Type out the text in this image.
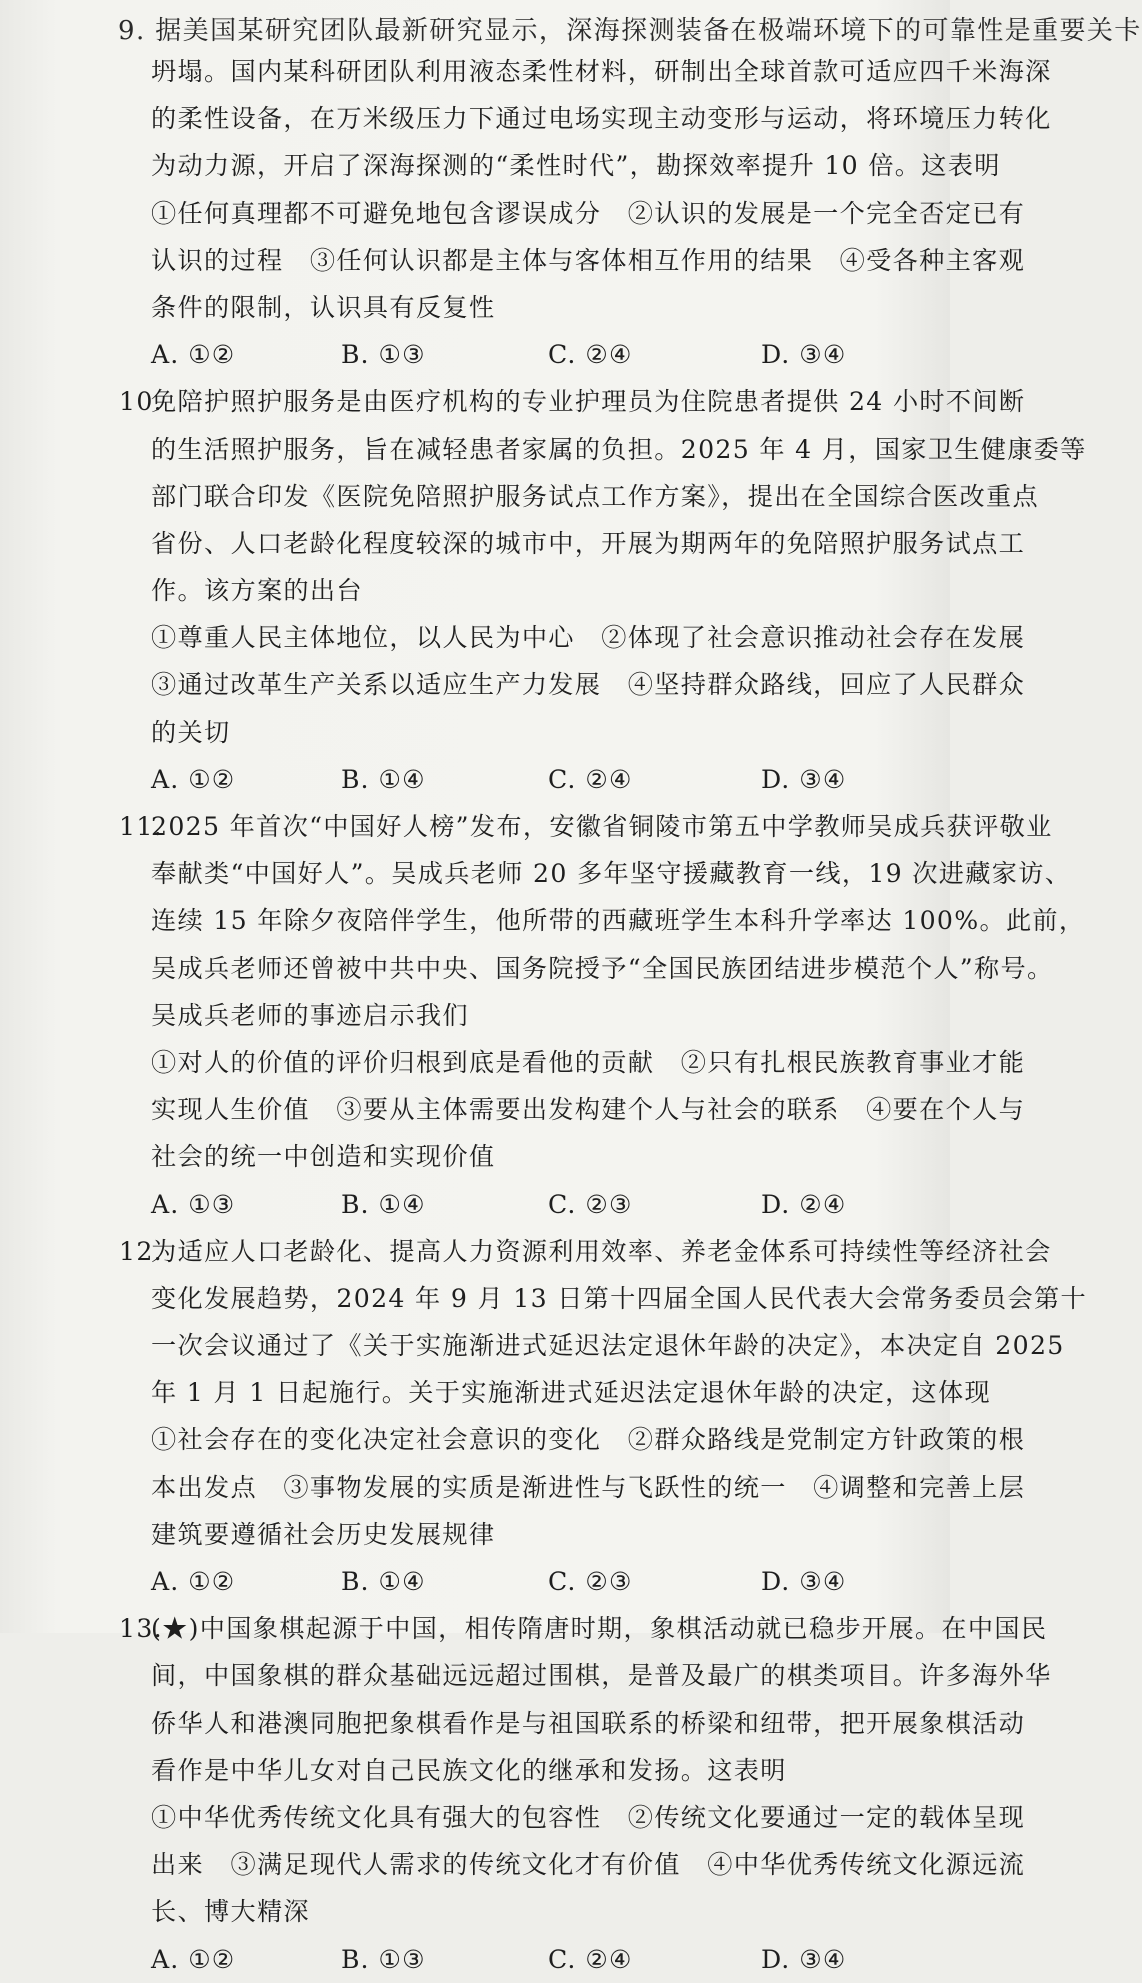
9. 据美国某研究团队最新研究显示，深海探测装备在极端环境下的可靠性是重要关卡
坍塌。国内某科研团队利用液态柔性材料，研制出全球首款可适应四千米海深
的柔性设备，在万米级压力下通过电场实现主动变形与运动，将环境压力转化
为动力源，开启了深海探测的“柔性时代”，勘探效率提升 10 倍。这表明
①任何真理都不可避免地包含谬误成分　②认识的发展是一个完全否定已有
认识的过程　③任何认识都是主体与客体相互作用的结果　④受各种主客观
条件的限制，认识具有反复性
A. ①②	B. ①③	C. ②④	D. ③④
10.
免陪护照护服务是由医疗机构的专业护理员为住院患者提供 24 小时不间断
的生活照护服务，旨在减轻患者家属的负担。2025 年 4 月，国家卫生健康委等
部门联合印发《医院免陪照护服务试点工作方案》，提出在全国综合医改重点
省份、人口老龄化程度较深的城市中，开展为期两年的免陪照护服务试点工
作。该方案的出台
①尊重人民主体地位，以人民为中心　②体现了社会意识推动社会存在发展
③通过改革生产关系以适应生产力发展　④坚持群众路线，回应了人民群众
的关切
A. ①②	B. ①④	C. ②④	D. ③④
11.
2025 年首次“中国好人榜”发布，安徽省铜陵市第五中学教师吴成兵获评敬业
奉献类“中国好人”。吴成兵老师 20 多年坚守援藏教育一线，19 次进藏家访、
连续 15 年除夕夜陪伴学生，他所带的西藏班学生本科升学率达 100%。此前，
吴成兵老师还曾被中共中央、国务院授予“全国民族团结进步模范个人”称号。
吴成兵老师的事迹启示我们
①对人的价值的评价归根到底是看他的贡献　②只有扎根民族教育事业才能
实现人生价值　③要从主体需要出发构建个人与社会的联系　④要在个人与
社会的统一中创造和实现价值
A. ①③	B. ①④	C. ②③	D. ②④
12.
为适应人口老龄化、提高人力资源利用效率、养老金体系可持续性等经济社会
变化发展趋势，2024 年 9 月 13 日第十四届全国人民代表大会常务委员会第十
一次会议通过了《关于实施渐进式延迟法定退休年龄的决定》，本决定自 2025
年 1 月 1 日起施行。关于实施渐进式延迟法定退休年龄的决定，这体现
①社会存在的变化决定社会意识的变化　②群众路线是党制定方针政策的根
本出发点　③事物发展的实质是渐进性与飞跃性的统一　④调整和完善上层
建筑要遵循社会历史发展规律
A. ①②	B. ①④	C. ②③	D. ③④
13.
(★)中国象棋起源于中国，相传隋唐时期，象棋活动就已稳步开展。在中国民
间，中国象棋的群众基础远远超过围棋，是普及最广的棋类项目。许多海外华
侨华人和港澳同胞把象棋看作是与祖国联系的桥梁和纽带，把开展象棋活动
看作是中华儿女对自己民族文化的继承和发扬。这表明
①中华优秀传统文化具有强大的包容性　②传统文化要通过一定的载体呈现
出来　③满足现代人需求的传统文化才有价值　④中华优秀传统文化源远流
长、博大精深
A. ①②	B. ①③	C. ②④	D. ③④
